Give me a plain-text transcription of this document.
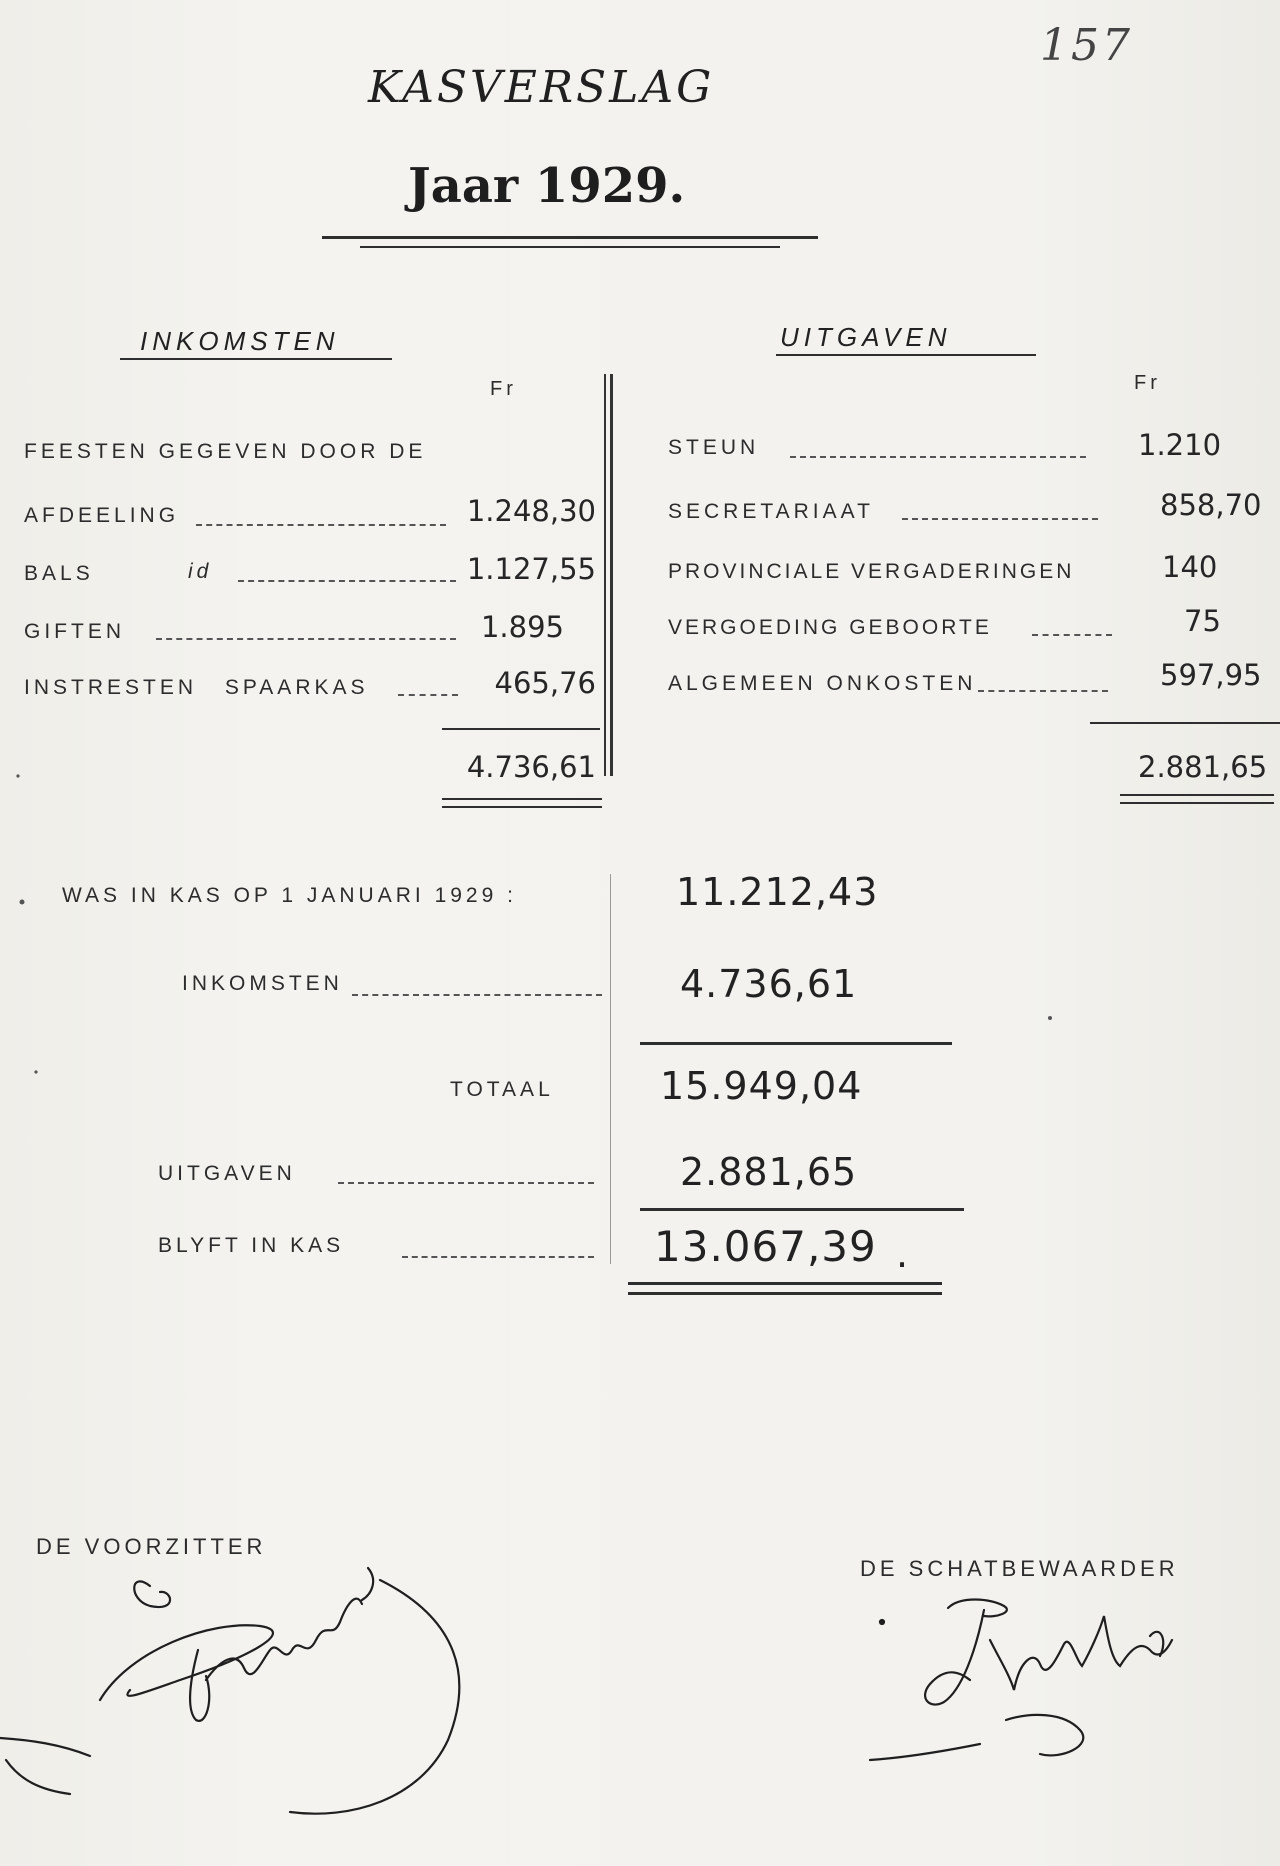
157
KASVERSLAG
Jaar 1929.
INKOMSTEN	UITGAVEN
Fr	Fr
FEESTEN GEGEVEN DOOR DE
AFDEELING	1.248,30
BALS	id	1.127,55
GIFTEN	1.895
INSTRESTEN SPAARKAS	465,76
4.736,61
STEUN	1.210
SECRETARIAAT	858,70
PROVINCIALE VERGADERINGEN	140
VERGOEDING GEBOORTE	75
ALGEMEEN ONKOSTEN	597,95
2.881,65
WAS IN KAS OP 1 JANUARI 1929 :	11.212,43
INKOMSTEN	4.736,61
TOTAAL	15.949,04
UITGAVEN	2.881,65
BLYFT IN KAS	13.067,39 .
DE VOORZITTER
DE SCHATBEWAARDER
